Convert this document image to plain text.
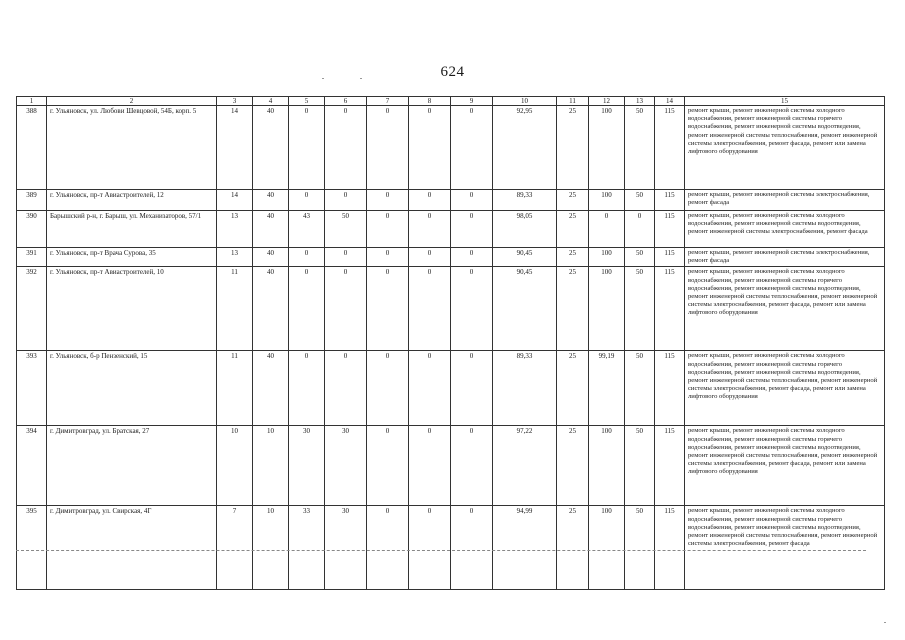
624
1	2	3	4	5	6	7	8	9	10	11	12	13	14	15
388	г. Ульяновск, ул. Любови Шевцовой, 54Б, корп. 5	14	40	0	0	0	0	0	92,95	25	100	50	115	ремонт крыши, ремонт инженерной системы холодного водоснабжения, ремонт инженерной системы горячего водоснабжения, ремонт инженерной системы водоотведения, ремонт инженерной системы теплоснабжения, ремонт инженерной системы электроснабжения, ремонт фасада, ремонт или замена лифтового оборудования
389	г. Ульяновск, пр-т Авиастроителей, 12	14	40	0	0	0	0	0	89,33	25	100	50	115	ремонт крыши, ремонт инженерной системы электроснабжения, ремонт фасада
390	Барышский р-н, г. Барыш, ул. Механизаторов, 57/1	13	40	43	50	0	0	0	98,05	25	0	0	115	ремонт крыши, ремонт инженерной системы холодного водоснабжения, ремонт инженерной системы водоотведения, ремонт инженерной системы электроснабжения, ремонт фасада
391	г. Ульяновск, пр-т Врача Сурова, 35	13	40	0	0	0	0	0	90,45	25	100	50	115	ремонт крыши, ремонт инженерной системы электроснабжения, ремонт фасада
392	г. Ульяновск, пр-т Авиастроителей, 10	11	40	0	0	0	0	0	90,45	25	100	50	115	ремонт крыши, ремонт инженерной системы холодного водоснабжения, ремонт инженерной системы горячего водоснабжения, ремонт инженерной системы водоотведения, ремонт инженерной системы теплоснабжения, ремонт инженерной системы электроснабжения, ремонт фасада, ремонт или замена лифтового оборудования
393	г. Ульяновск, б-р Пензенский, 15	11	40	0	0	0	0	0	89,33	25	99,19	50	115	ремонт крыши, ремонт инженерной системы холодного водоснабжения, ремонт инженерной системы горячего водоснабжения, ремонт инженерной системы водоотведения, ремонт инженерной системы теплоснабжения, ремонт инженерной системы электроснабжения, ремонт фасада, ремонт или замена лифтового оборудования
394	г. Димитровград, ул. Братская, 27	10	10	30	30	0	0	0	97,22	25	100	50	115	ремонт крыши, ремонт инженерной системы холодного водоснабжения, ремонт инженерной системы горячего водоснабжения, ремонт инженерной системы водоотведения, ремонт инженерной системы теплоснабжения, ремонт инженерной системы электроснабжения, ремонт фасада, ремонт или замена лифтового оборудования
395	г. Димитровград, ул. Свирская, 4Г	7	10	33	30	0	0	0	94,99	25	100	50	115	ремонт крыши, ремонт инженерной системы холодного водоснабжения, ремонт инженерной системы горячего водоснабжения, ремонт инженерной системы водоотведения, ремонт инженерной системы теплоснабжения, ремонт инженерной системы электроснабжения, ремонт фасада
